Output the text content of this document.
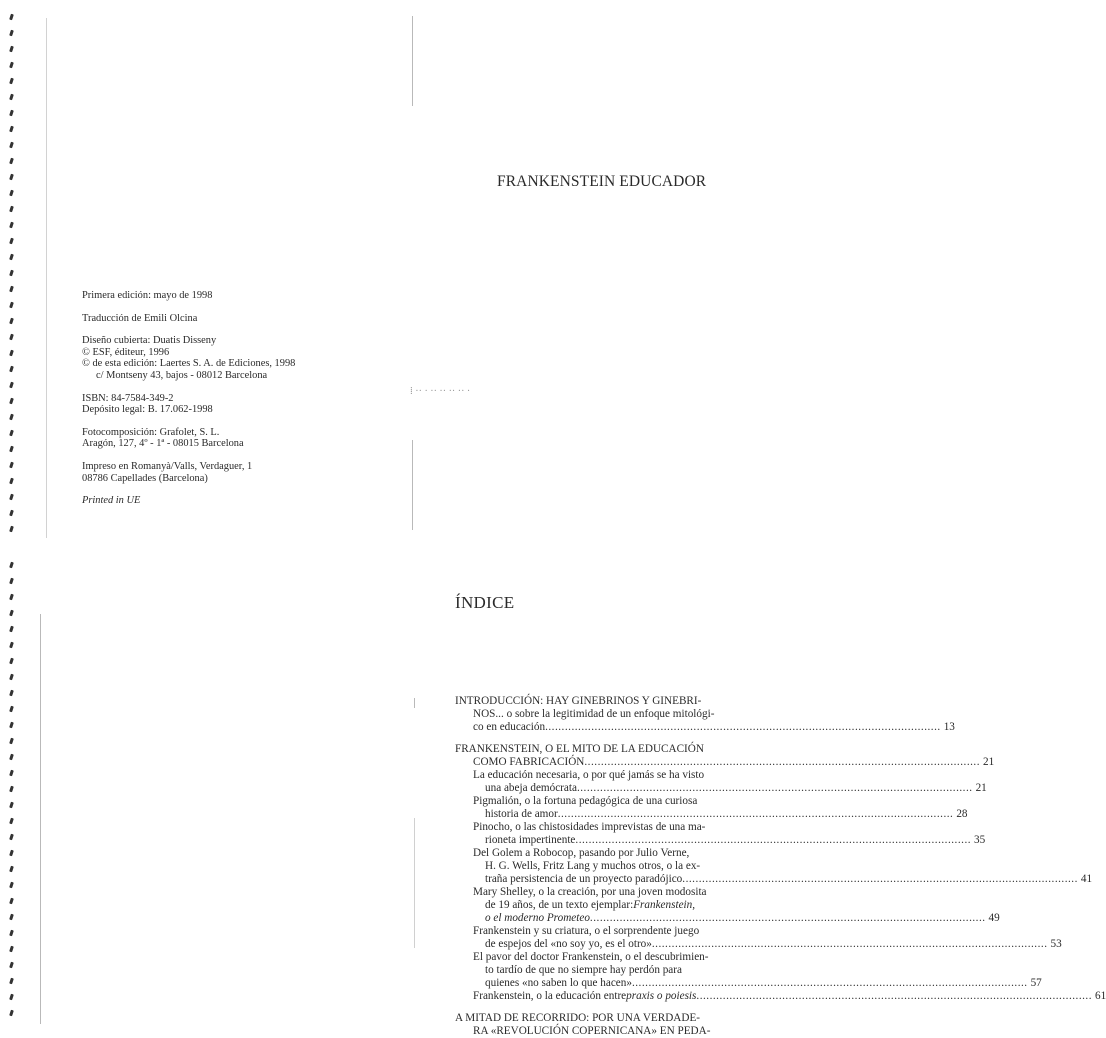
⁞ ·· · ·· ·· ·· ·· ·
FRANKENSTEIN EDUCADOR
Primera edición: mayo de 1998
Traducción de Emili Olcina
Diseño cubierta: Duatis Disseny
© ESF, éditeur, 1996
© de esta edición: Laertes S. A. de Ediciones, 1998
c/ Montseny 43, bajos - 08012 Barcelona
ISBN: 84-7584-349-2
Depósito legal: B. 17.062-1998
Fotocomposición: Grafolet, S. L.
Aragón, 127, 4º - 1ª - 08015 Barcelona
Impreso en Romanyà/Valls, Verdaguer, 1
08786 Capellades (Barcelona)
Printed in UE
ÍNDICE
INTRODUCCIÓN: HAY GINEBRINOS Y GINEBRI-
NOS... o sobre la legitimidad de un enfoque mitológi-
co en educación .....	13
FRANKENSTEIN, O EL MITO DE LA EDUCACIÓN
COMO FABRICACIÓN .....	21
La educación necesaria, o por qué jamás se ha visto
una abeja demócrata .....	21
Pigmalión, o la fortuna pedagógica de una curiosa
historia de amor .....	28
Pinocho, o las chistosidades imprevistas de una ma-
rioneta impertinente .....	35
Del Golem a Robocop, pasando por Julio Verne,
H. G. Wells, Fritz Lang y muchos otros, o la ex-
traña persistencia de un proyecto paradójico .....	41
Mary Shelley, o la creación, por una joven modosita
de 19 años, de un texto ejemplar: Frankenstein,
o el moderno Prometeo .....	49
Frankenstein y su criatura, o el sorprendente juego
de espejos del «no soy yo, es el otro» .....	53
El pavor del doctor Frankenstein, o el descubrimien-
to tardío de que no siempre hay perdón para
quienes «no saben lo que hacen» .....	57
Frankenstein, o la educación entre praxis o poiesis .....	61
A MITAD DE RECORRIDO: POR UNA VERDADE-
RA «REVOLUCIÓN COPERNICANA» EN PEDA-
